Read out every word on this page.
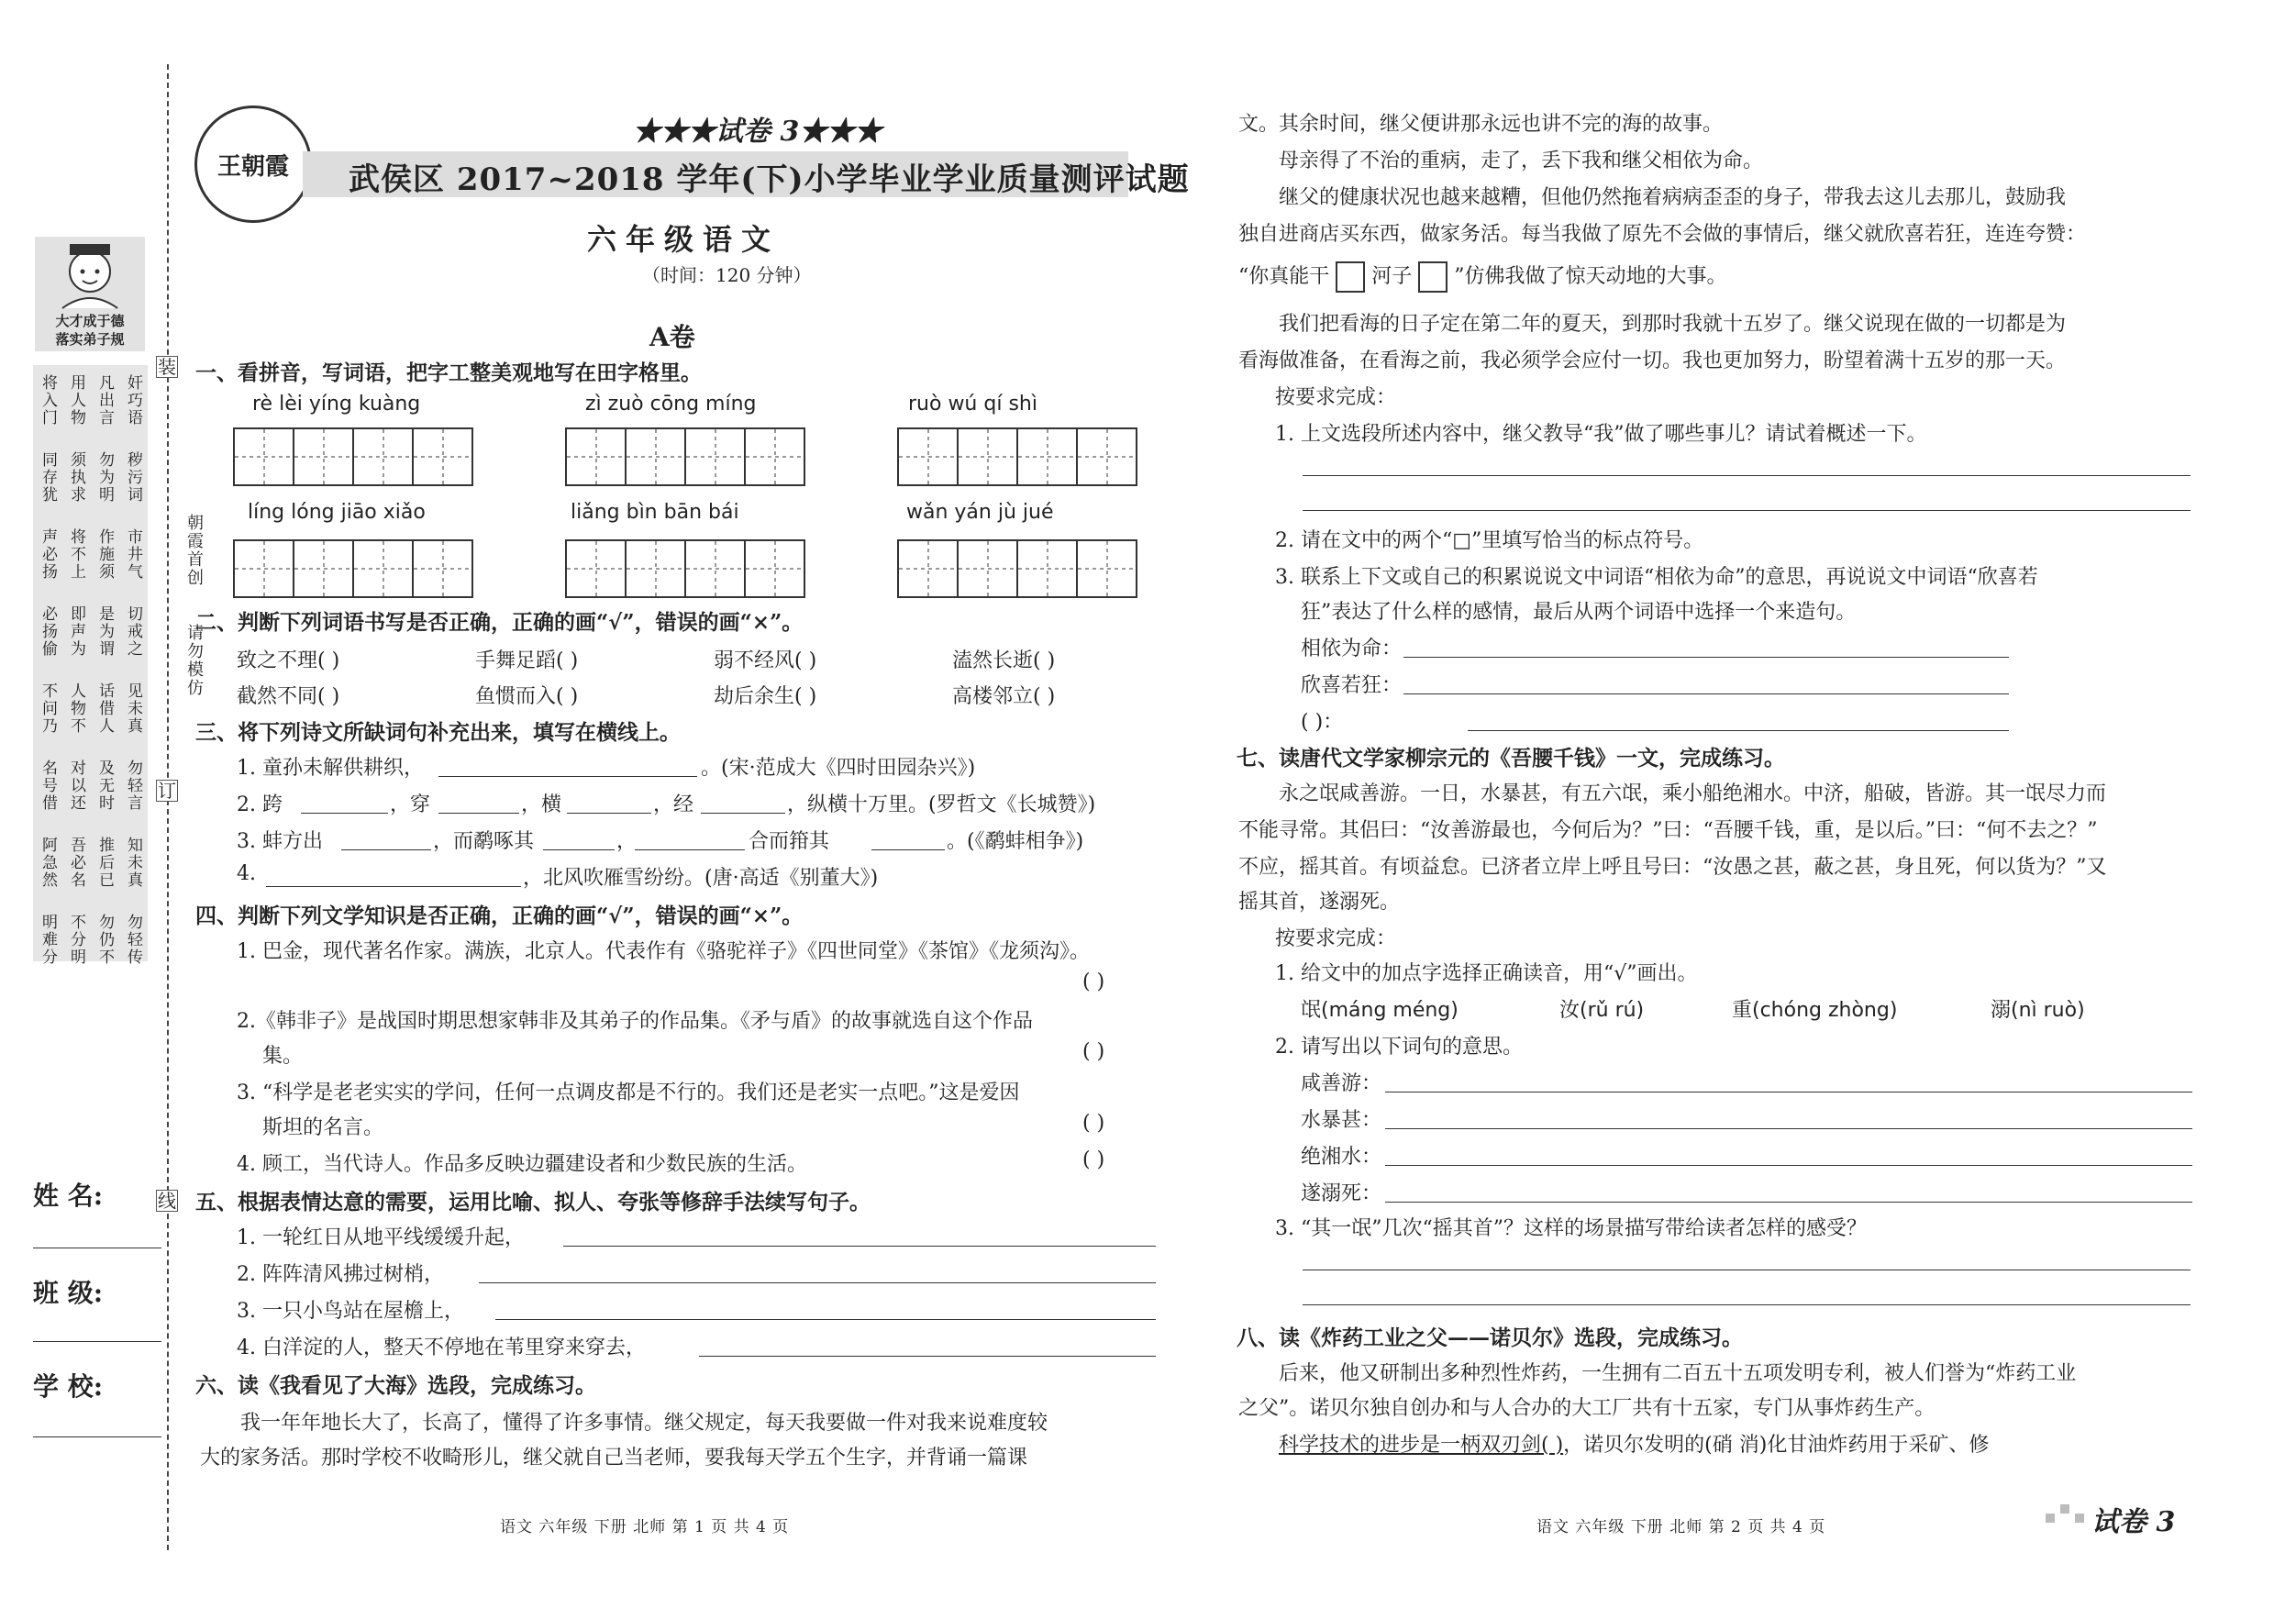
装
朝霞首创
请勿模仿
订
线
大才成于德
落实弟子规
奸巧语
凡出言
用人物
将入门
秽污词
勿为明
须执求
同存犹
市井气
作施须
将不上
声必扬
切戒之
是为谓
即声为
必扬偷
见未真
话借人
人物不
不问乃
勿轻言
及无时
对以还
名号借
知未真
推后已
吾必名
阿急然
勿轻传
勿仍不
不分明
明难分
姓 名:
班 级:
学 校:
王朝霞
★★★试卷 3★★★
武侯区 2017~2018 学年(下)小学毕业学业质量测评试题
六年级语文
（时间：120 分钟）
A卷
一、看拼音，写词语，把字工整美观地写在田字格里。
rè lèi yíng kuàng	zì zuò cōng míng	ruò wú qí shì
líng lóng jiāo xiǎo	liǎng bìn bān bái	wǎn yán jù jué
二、判断下列词语书写是否正确，正确的画“√”，错误的画“×”。
致之不理( )	手舞足蹈( )	弱不经风( )	溘然长逝( )
截然不同( )	鱼惯而入( )	劫后余生( )	高楼邻立( )
三、将下列诗文所缺词句补充出来，填写在横线上。
1. 童孙未解供耕织，	。(宋·范成大《四时田园杂兴》)
2. 跨	，穿	，横	，经	，纵横十万里。(罗哲文《长城赞》)
3. 蚌方出	，而鹬啄其	，	合而箝其	。(《鹬蚌相争》)
4.	，北风吹雁雪纷纷。(唐·高适《别董大》)
四、判断下列文学知识是否正确，正确的画“√”，错误的画“×”。
1. 巴金，现代著名作家。满族，北京人。代表作有《骆驼祥子》《四世同堂》《茶馆》《龙须沟》。
( )
2.《韩非子》是战国时期思想家韩非及其弟子的作品集。《矛与盾》的故事就选自这个作品
集。	( )
3. “科学是老老实实的学问，任何一点调皮都是不行的。我们还是老实一点吧。”这是爱因
斯坦的名言。	( )
4. 顾工，当代诗人。作品多反映边疆建设者和少数民族的生活。	( )
五、根据表情达意的需要，运用比喻、拟人、夸张等修辞手法续写句子。
1. 一轮红日从地平线缓缓升起，
2. 阵阵清风拂过树梢，
3. 一只小鸟站在屋檐上，
4. 白洋淀的人，整天不停地在苇里穿来穿去，
六、读《我看见了大海》选段，完成练习。
我一年年地长大了，长高了，懂得了许多事情。继父规定，每天我要做一件对我来说难度较
大的家务活。那时学校不收畸形儿，继父就自己当老师，要我每天学五个生字，并背诵一篇课
语文 六年级 下册 北师 第 1 页 共 4 页
文。其余时间，继父便讲那永远也讲不完的海的故事。
母亲得了不治的重病，走了，丢下我和继父相依为命。
继父的健康状况也越来越糟，但他仍然拖着病病歪歪的身子，带我去这儿去那儿，鼓励我
独自进商店买东西，做家务活。每当我做了原先不会做的事情后，继父就欣喜若狂，连连夸赞：
“你真能干 河子 ”仿佛我做了惊天动地的大事。
我们把看海的日子定在第二年的夏天，到那时我就十五岁了。继父说现在做的一切都是为
看海做准备，在看海之前，我必须学会应付一切。我也更加努力，盼望着满十五岁的那一天。
按要求完成：
1. 上文选段所述内容中，继父教导“我”做了哪些事儿？请试着概述一下。
2. 请在文中的两个“□”里填写恰当的标点符号。
3. 联系上下文或自己的积累说说文中词语“相依为命”的意思，再说说文中词语“欣喜若
狂”表达了什么样的感情，最后从两个词语中选择一个来造句。
相依为命：
欣喜若狂：
( )：
七、读唐代文学家柳宗元的《吾腰千钱》一文，完成练习。
永之氓咸善游。一日，水暴甚，有五六氓，乘小船绝湘水。中济，船破，皆游。其一氓尽力而
不能寻常。其侣曰：“汝善游最也，今何后为？”曰：“吾腰千钱，重，是以后。”曰：“何不去之？”
不应，摇其首。有顷益怠。已济者立岸上呼且号曰：“汝愚之甚，蔽之甚，身且死，何以货为？”又
摇其首，遂溺死。
按要求完成：
1. 给文中的加点字选择正确读音，用“√”画出。
氓(máng méng)	汝(rǔ rú)	重(chóng zhòng)	溺(nì ruò)
2. 请写出以下词句的意思。
咸善游：
水暴甚：
绝湘水：
遂溺死：
3. “其一氓”几次“摇其首”？这样的场景描写带给读者怎样的感受？
八、读《炸药工业之父——诺贝尔》选段，完成练习。
后来，他又研制出多种烈性炸药，一生拥有二百五十五项发明专利，被人们誉为“炸药工业
之父”。诺贝尔独自创办和与人合办的大工厂共有十五家，专门从事炸药生产。
科学技术的进步是一柄双刃剑( )，诺贝尔发明的(硝 消)化甘油炸药用于采矿、修
语文 六年级 下册 北师 第 2 页 共 4 页	试卷 3
